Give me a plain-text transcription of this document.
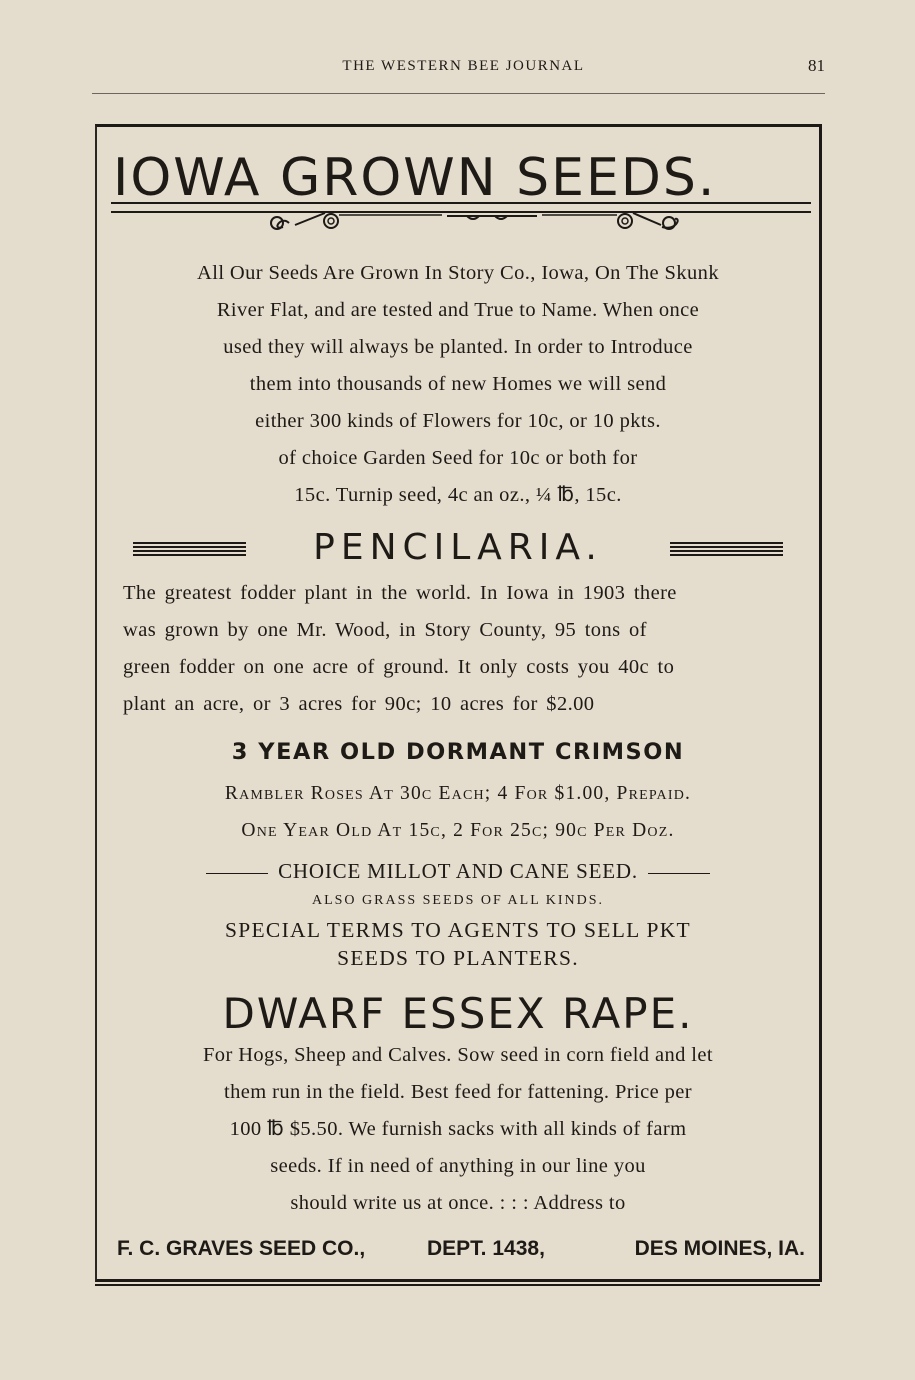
THE WESTERN BEE JOURNAL	81
IOWA GROWN SEEDS.
All Our Seeds Are Grown In Story Co., Iowa, On The Skunk
River Flat, and are tested and True to Name. When once
used they will always be planted. In order to Introduce
them into thousands of new Homes we will send
either 300 kinds of Flowers for 10c, or 10 pkts.
of choice Garden Seed for 10c or both for
15c. Turnip seed, 4c an oz., ¼ ℔, 15c.
PENCILARIA.
The greatest fodder plant in the world. In Iowa in 1903 there
was grown by one Mr. Wood, in Story County, 95 tons of
green fodder on one acre of ground. It only costs you 40c to
plant an acre, or 3 acres for 90c; 10 acres for $2.00
3 YEAR OLD DORMANT CRIMSON
Rambler Roses At 30c Each; 4 For $1.00, Prepaid.
One Year Old At 15c, 2 For 25c; 90c Per Doz.
CHOICE MILLOT AND CANE SEED.
ALSO GRASS SEEDS OF ALL KINDS.
SPECIAL TERMS TO AGENTS TO SELL PKT
SEEDS TO PLANTERS.
DWARF ESSEX RAPE.
For Hogs, Sheep and Calves. Sow seed in corn field and let
them run in the field. Best feed for fattening. Price per
100 ℔ $5.50. We furnish sacks with all kinds of farm
seeds. If in need of anything in our line you
should write us at once. : : : Address to
F. C. GRAVES SEED CO.,	DEPT. 1438,	DES MOINES, IA.
